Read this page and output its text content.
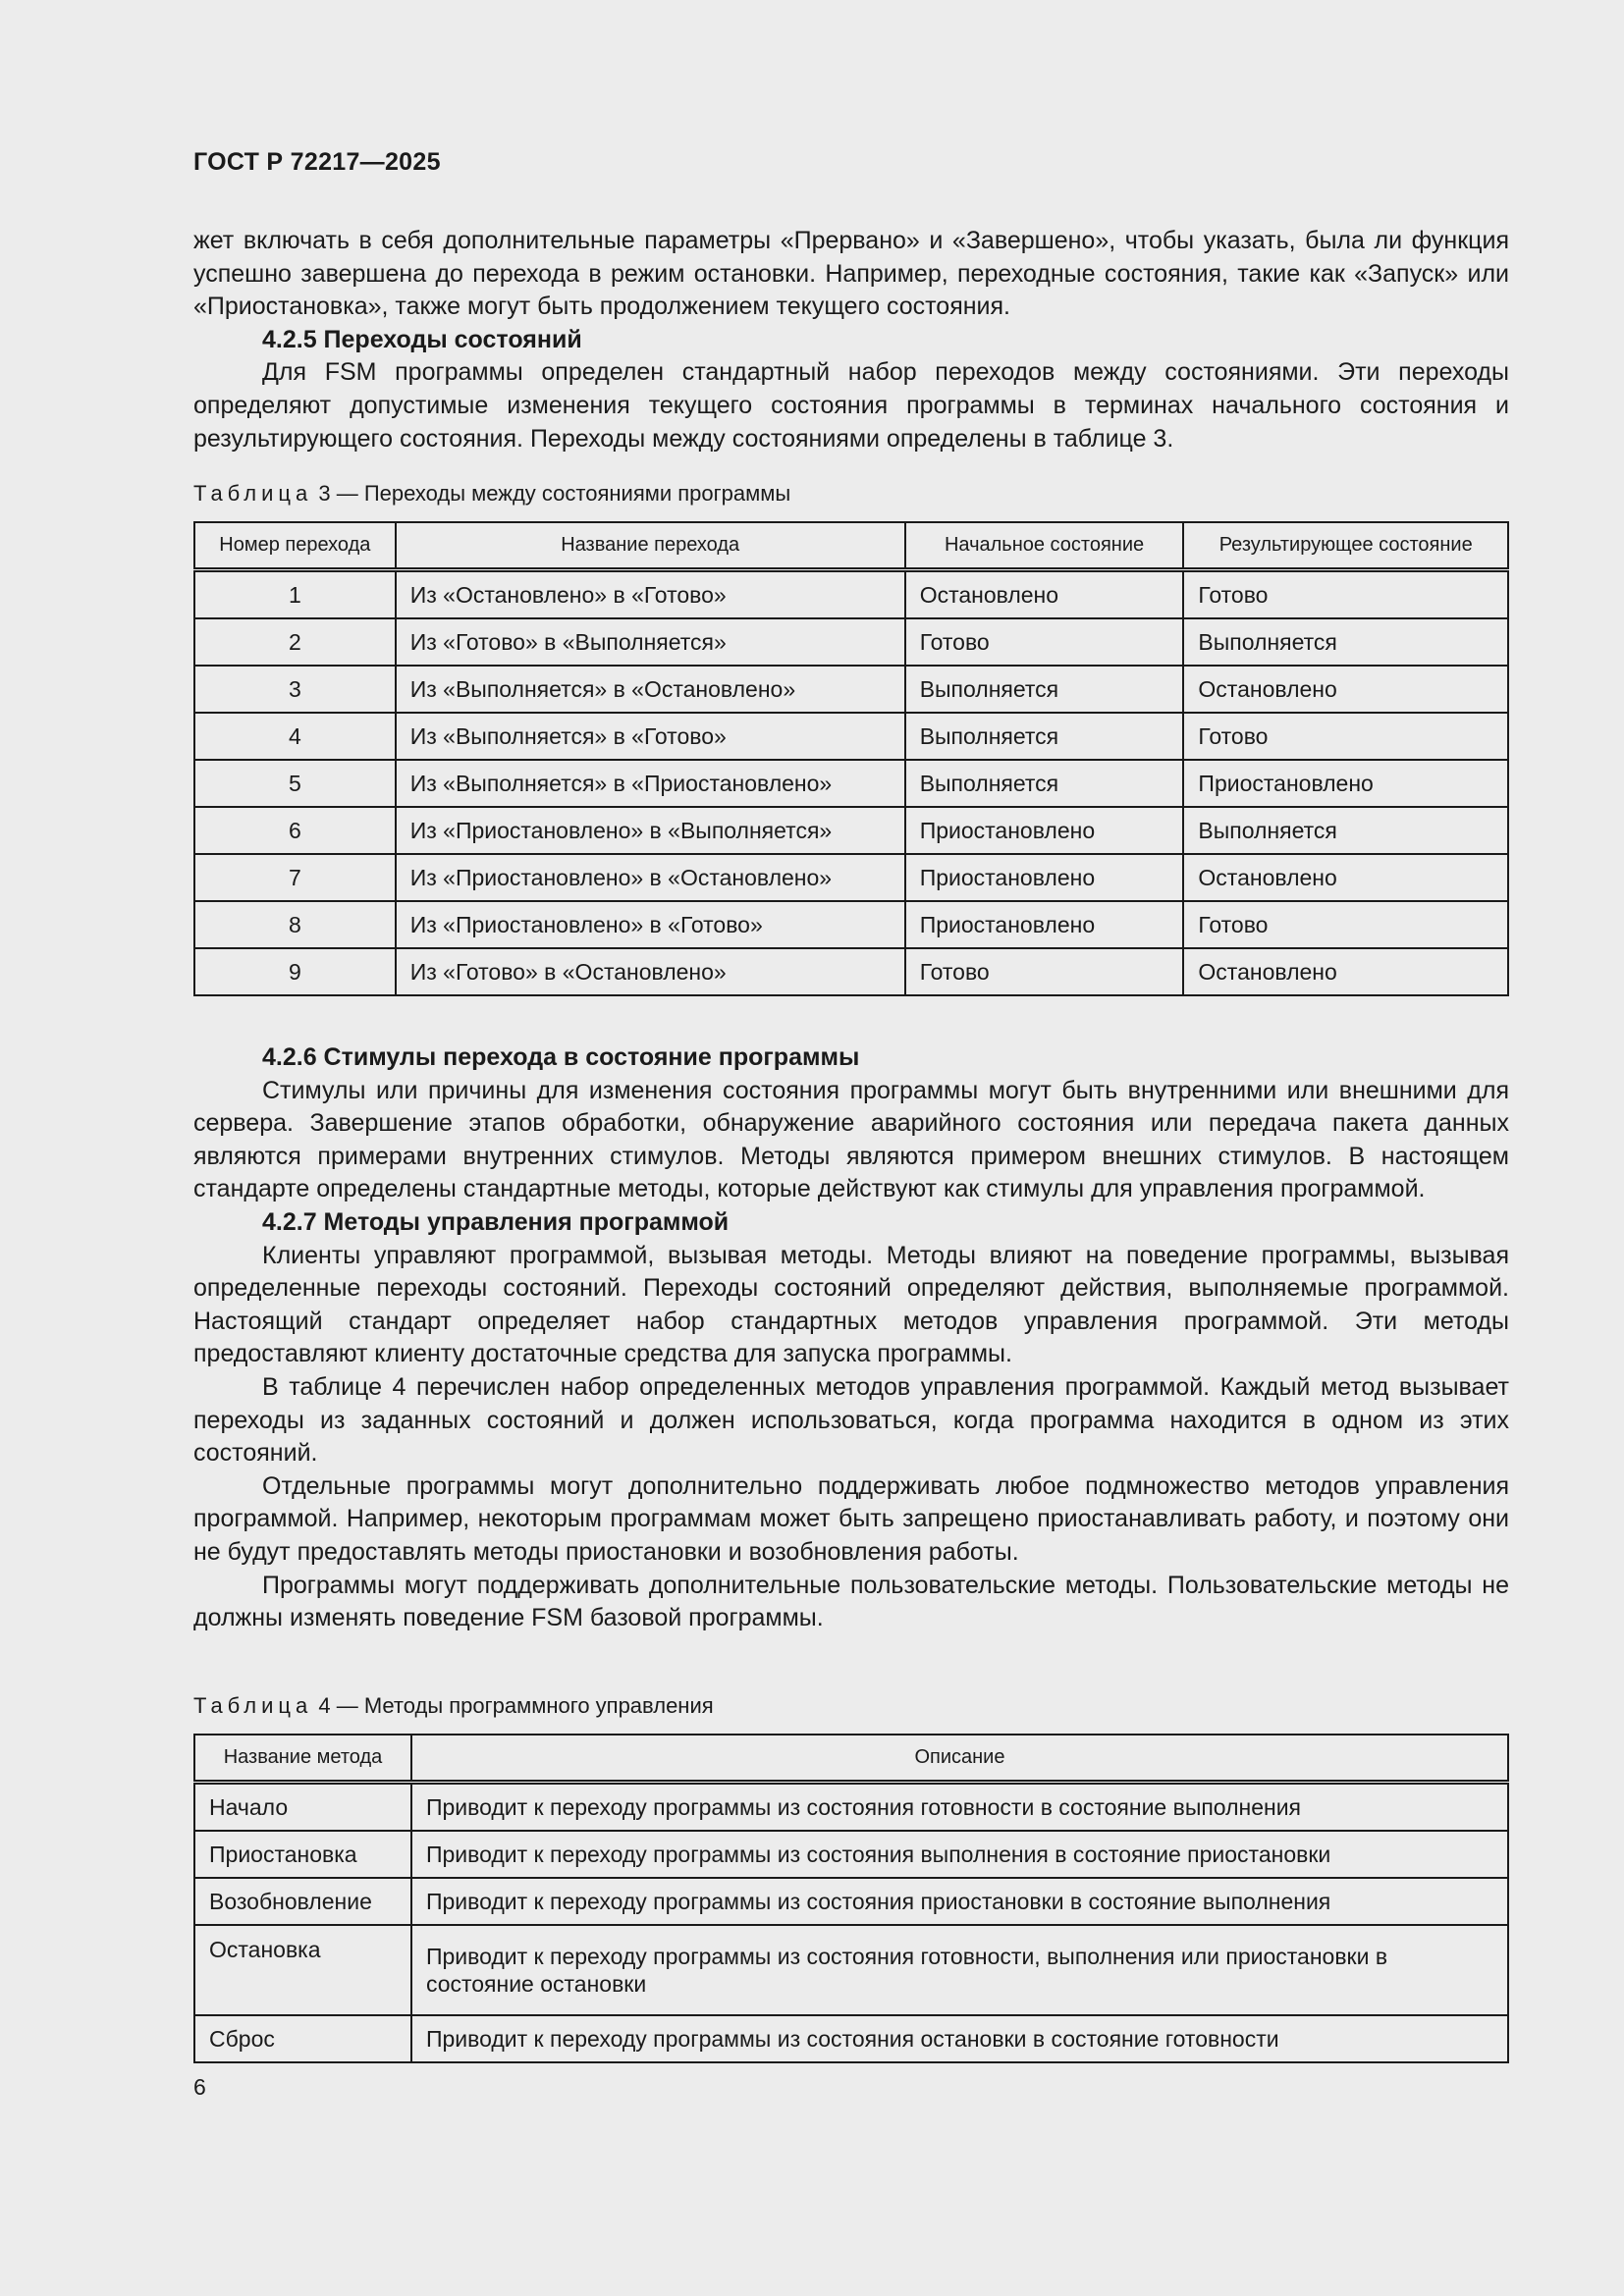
ГОСТ Р 72217—2025

жет включать в себя дополнительные параметры «Прервано» и «Завершено», чтобы указать, была ли функция успешно завершена до перехода в режим остановки. Например, переходные состояния, такие как «Запуск» или «Приостановка», также могут быть продолжением текущего состояния.

4.2.5 Переходы состояний

Для FSM программы определен стандартный набор переходов между состояниями. Эти переходы определяют допустимые изменения текущего состояния программы в терминах начального состояния и результирующего состояния. Переходы между состояниями определены в таблице 3.

Таблица 3 — Переходы между состояниями программы
Номер перехода	Название перехода	Начальное состояние	Результирующее состояние
1	Из «Остановлено» в «Готово»	Остановлено	Готово
2	Из «Готово» в «Выполняется»	Готово	Выполняется
3	Из «Выполняется» в «Остановлено»	Выполняется	Остановлено
4	Из «Выполняется» в «Готово»	Выполняется	Готово
5	Из «Выполняется» в «Приостановлено»	Выполняется	Приостановлено
6	Из «Приостановлено» в «Выполняется»	Приостановлено	Выполняется
7	Из «Приостановлено» в «Остановлено»	Приостановлено	Остановлено
8	Из «Приостановлено» в «Готово»	Приостановлено	Готово
9	Из «Готово» в «Остановлено»	Готово	Остановлено

4.2.6 Стимулы перехода в состояние программы

Стимулы или причины для изменения состояния программы могут быть внутренними или внешними для сервера. Завершение этапов обработки, обнаружение аварийного состояния или передача пакета данных являются примерами внутренних стимулов. Методы являются примером внешних стимулов. В настоящем стандарте определены стандартные методы, которые действуют как стимулы для управления программой.

4.2.7 Методы управления программой

Клиенты управляют программой, вызывая методы. Методы влияют на поведение программы, вызывая определенные переходы состояний. Переходы состояний определяют действия, выполняемые программой. Настоящий стандарт определяет набор стандартных методов управления программой. Эти методы предоставляют клиенту достаточные средства для запуска программы.

В таблице 4 перечислен набор определенных методов управления программой. Каждый метод вызывает переходы из заданных состояний и должен использоваться, когда программа находится в одном из этих состояний.

Отдельные программы могут дополнительно поддерживать любое подмножество методов управления программой. Например, некоторым программам может быть запрещено приостанавливать работу, и поэтому они не будут предоставлять методы приостановки и возобновления работы.

Программы могут поддерживать дополнительные пользовательские методы. Пользовательские методы не должны изменять поведение FSM базовой программы.

Таблица 4 — Методы программного управления
Название метода	Описание
Начало	Приводит к переходу программы из состояния готовности в состояние выполнения
Приостановка	Приводит к переходу программы из состояния выполнения в состояние приостановки
Возобновление	Приводит к переходу программы из состояния приостановки в состояние выполнения
Остановка	Приводит к переходу программы из состояния готовности, выполнения или приостановки в состояние остановки
Сброс	Приводит к переходу программы из состояния остановки в состояние готовности
6
